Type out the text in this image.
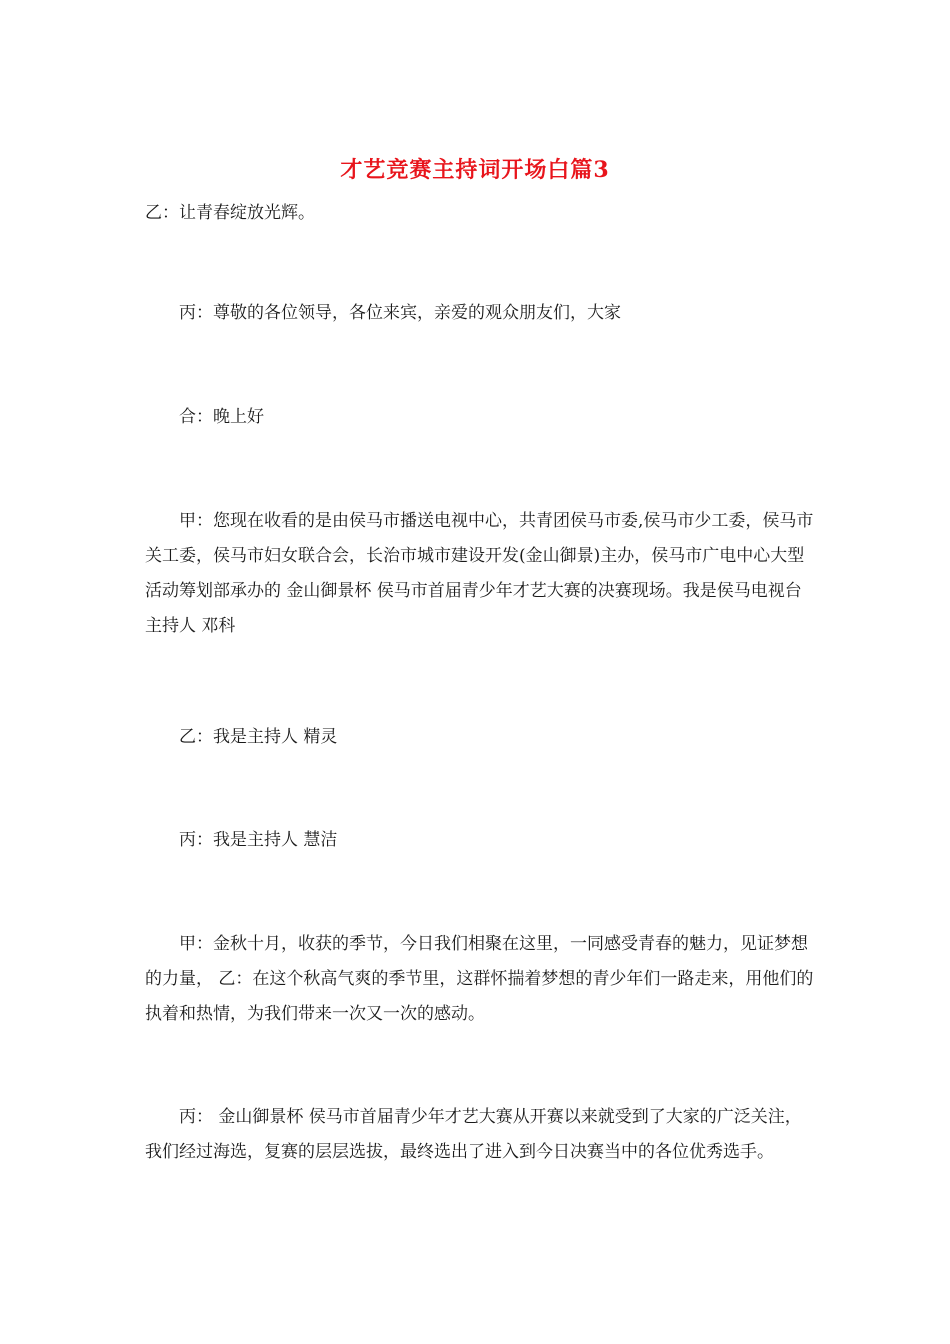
才艺竞赛主持词开场白篇3

乙：让青春绽放光辉。

　　丙：尊敬的各位领导，各位来宾，亲爱的观众朋友们，大家

　　合：晚上好

　　甲：您现在收看的是由侯马市播送电视中心，共青团侯马市委,侯马市少工委，侯马市关工委，侯马市妇女联合会，长治市城市建设开发(金山御景)主办，侯马市广电中心大型活动筹划部承办的 金山御景杯 侯马市首届青少年才艺大赛的决赛现场。我是侯马电视台主持人 邓科

　　乙：我是主持人 精灵

　　丙：我是主持人 慧洁

　　甲：金秋十月，收获的季节，今日我们相聚在这里，一同感受青春的魅力，见证梦想的力量， 乙：在这个秋高气爽的季节里，这群怀揣着梦想的青少年们一路走来，用他们的执着和热情，为我们带来一次又一次的感动。

　　丙： 金山御景杯 侯马市首届青少年才艺大赛从开赛以来就受到了大家的广泛关注，我们经过海选，复赛的层层选拔，最终选出了进入到今日决赛当中的各位优秀选手。
